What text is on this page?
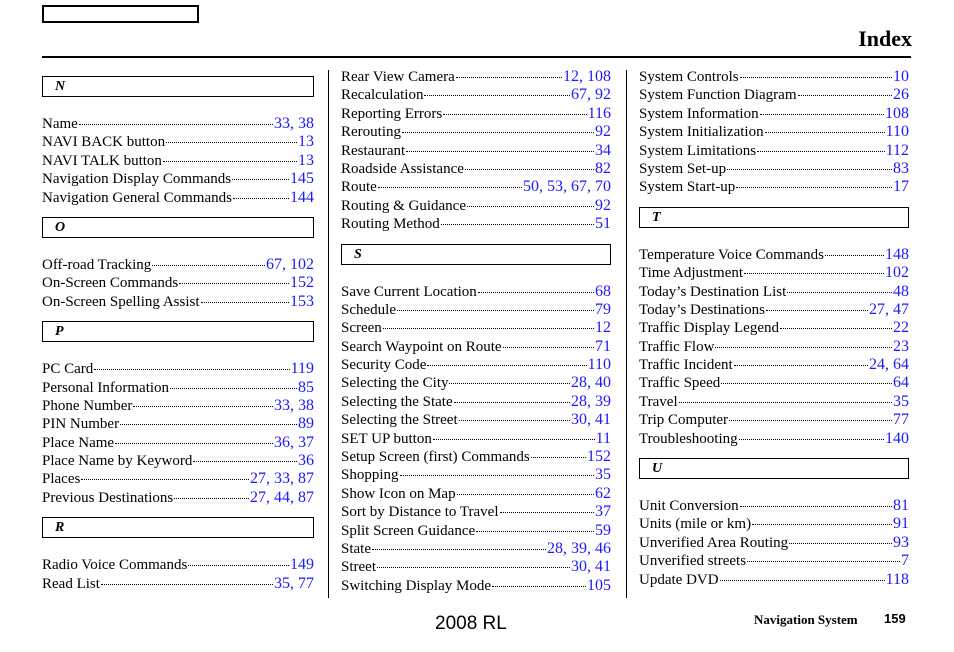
Index
N
Name	33, 38
NAVI BACK button	13
NAVI TALK button	13
Navigation Display Commands	145
Navigation General Commands	144
O
Off-road Tracking	67, 102
On-Screen Commands	152
On-Screen Spelling Assist	153
P
PC Card	119
Personal Information	85
Phone Number	33, 38
PIN Number	89
Place Name	36, 37
Place Name by Keyword	36
Places	27, 33, 87
Previous Destinations	27, 44, 87
R
Radio Voice Commands	149
Read List	35, 77
Rear View Camera	12, 108
Recalculation	67, 92
Reporting Errors	116
Rerouting	92
Restaurant	34
Roadside Assistance	82
Route	50, 53, 67, 70
Routing & Guidance	92
Routing Method	51
S
Save Current Location	68
Schedule	79
Screen	12
Search Waypoint on Route	71
Security Code	110
Selecting the City	28, 40
Selecting the State	28, 39
Selecting the Street	30, 41
SET UP button	11
Setup Screen (first) Commands	152
Shopping	35
Show Icon on Map	62
Sort by Distance to Travel	37
Split Screen Guidance	59
State	28, 39, 46
Street	30, 41
Switching Display Mode	105
System Controls	10
System Function Diagram	26
System Information	108
System Initialization	110
System Limitations	112
System Set-up	83
System Start-up	17
T
Temperature Voice Commands	148
Time Adjustment	102
Today’s Destination List	48
Today’s Destinations	27, 47
Traffic Display Legend	22
Traffic Flow	23
Traffic Incident	24, 64
Traffic Speed	64
Travel	35
Trip Computer	77
Troubleshooting	140
U
Unit Conversion	81
Units (mile or km)	91
Unverified Area Routing	93
Unverified streets	7
Update DVD	118
2008 RL	Navigation System 159
